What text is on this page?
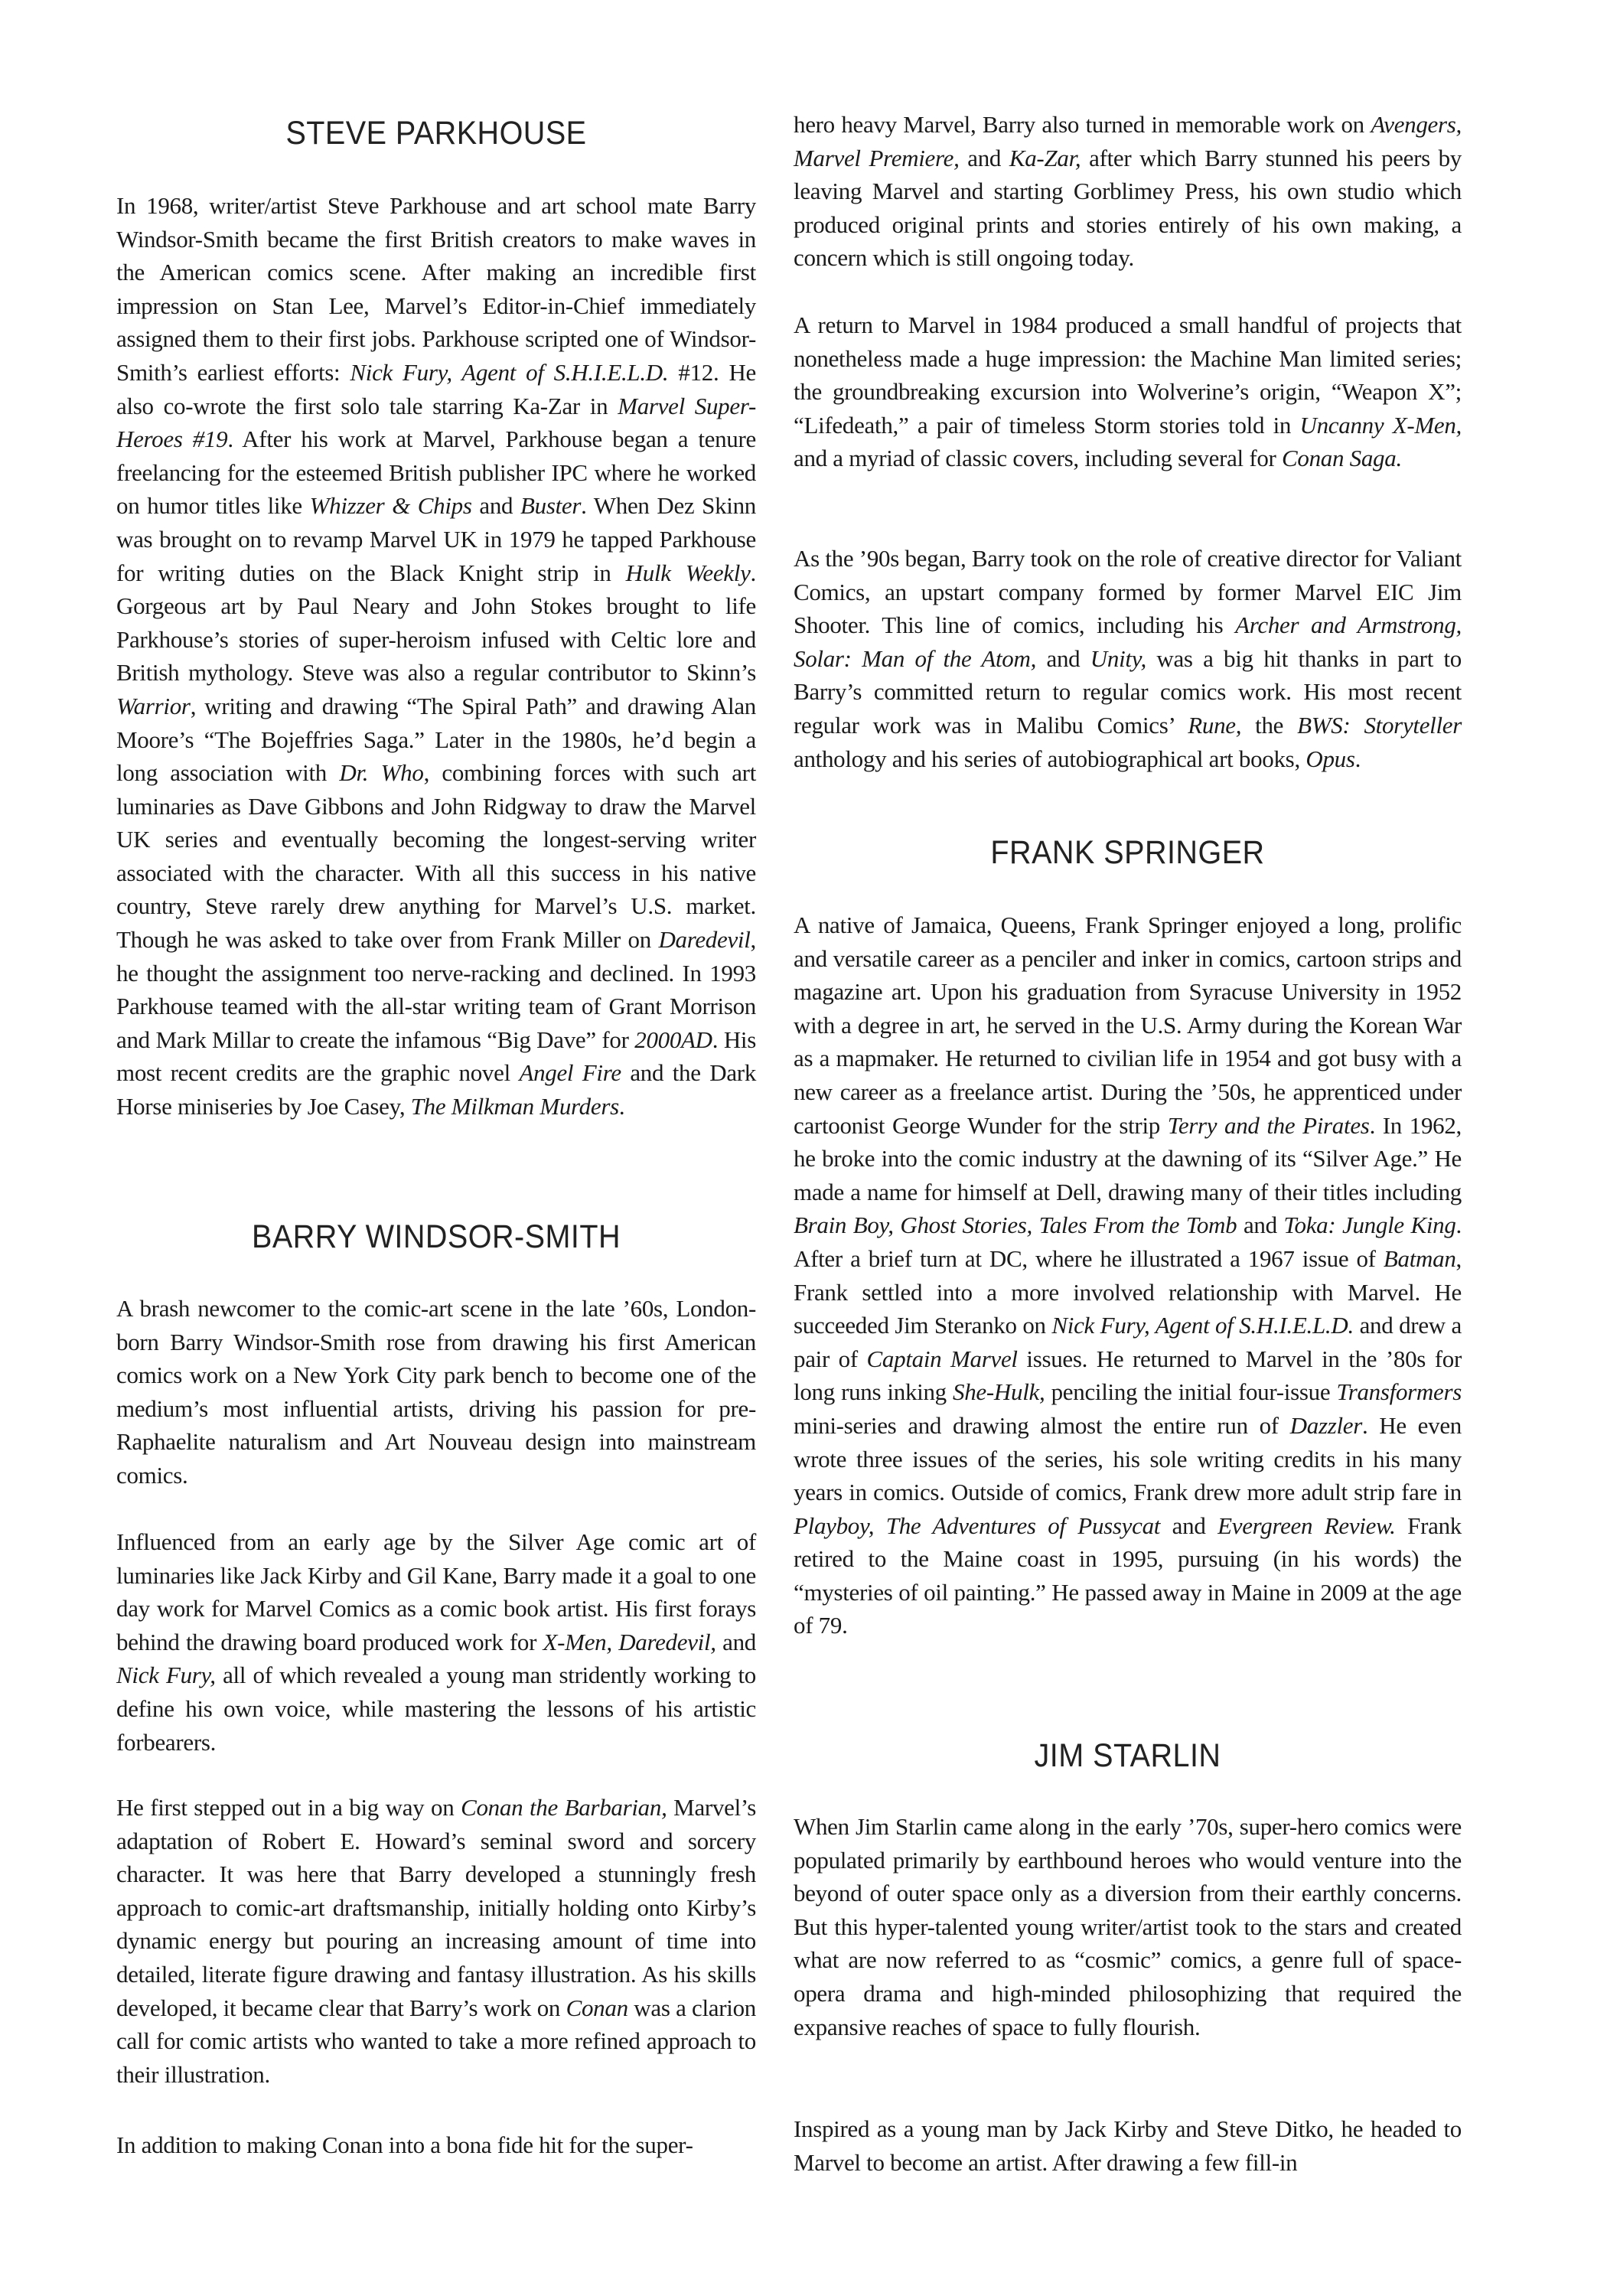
STEVE PARKHOUSE

In 1968, writer/artist Steve Parkhouse and art school mate Barry Windsor-Smith became the first British creators to make waves in the American comics scene. After making an incredible first impression on Stan Lee, Marvel’s Editor-in-Chief immediately assigned them to their first jobs. Parkhouse scripted one of Windsor-Smith’s earliest efforts: Nick Fury, Agent of S.H.I.E.L.D. #12. He also co-wrote the first solo tale starring Ka-Zar in Marvel Super-Heroes #19. After his work at Marvel, Parkhouse began a tenure freelancing for the esteemed British publisher IPC where he worked on humor titles like Whizzer & Chips and Buster. When Dez Skinn was brought on to revamp Marvel UK in 1979 he tapped Parkhouse for writing duties on the Black Knight strip in Hulk Weekly. Gorgeous art by Paul Neary and John Stokes brought to life Parkhouse’s stories of super-heroism infused with Celtic lore and British mythology. Steve was also a regular contributor to Skinn’s Warrior, writing and drawing “The Spiral Path” and drawing Alan Moore’s “The Bojeffries Saga.” Later in the 1980s, he’d begin a long association with Dr. Who, combining forces with such art luminaries as Dave Gibbons and John Ridgway to draw the Marvel UK series and eventually becoming the longest-serving writer associated with the character. With all this success in his native country, Steve rarely drew anything for Marvel’s U.S. market. Though he was asked to take over from Frank Miller on Daredevil, he thought the assignment too nerve-racking and declined. In 1993 Parkhouse teamed with the all-star writing team of Grant Morrison and Mark Millar to create the infamous “Big Dave” for 2000AD. His most recent credits are the graphic novel Angel Fire and the Dark Horse miniseries by Joe Casey, The Milkman Murders.

BARRY WINDSOR-SMITH

A brash newcomer to the comic-art scene in the late ’60s, London-born Barry Windsor-Smith rose from drawing his first American comics work on a New York City park bench to become one of the medium’s most influential artists, driving his passion for pre-Raphaelite naturalism and Art Nouveau design into mainstream comics.

Influenced from an early age by the Silver Age comic art of luminaries like Jack Kirby and Gil Kane, Barry made it a goal to one day work for Marvel Comics as a comic book artist. His first forays behind the drawing board produced work for X-Men, Daredevil, and Nick Fury, all of which revealed a young man stridently working to define his own voice, while mastering the lessons of his artistic forbearers.

He first stepped out in a big way on Conan the Barbarian, Marvel’s adaptation of Robert E. Howard’s seminal sword and sorcery character. It was here that Barry developed a stunningly fresh approach to comic-art draftsmanship, initially holding onto Kirby’s dynamic energy but pouring an increasing amount of time into detailed, literate figure drawing and fantasy illustration. As his skills developed, it became clear that Barry’s work on Conan was a clarion call for comic artists who wanted to take a more refined approach to their illustration.

In addition to making Conan into a bona fide hit for the super-

hero heavy Marvel, Barry also turned in memorable work on Avengers, Marvel Premiere, and Ka-Zar, after which Barry stunned his peers by leaving Marvel and starting Gorblimey Press, his own studio which produced original prints and stories entirely of his own making, a concern which is still ongoing today.

A return to Marvel in 1984 produced a small handful of projects that nonetheless made a huge impression: the Machine Man limited series; the groundbreaking excursion into Wolverine’s origin, “Weapon X”; “Lifedeath,” a pair of timeless Storm stories told in Uncanny X-Men, and a myriad of classic covers, including several for Conan Saga.

As the ’90s began, Barry took on the role of creative director for Valiant Comics, an upstart company formed by former Marvel EIC Jim Shooter. This line of comics, including his Archer and Armstrong, Solar: Man of the Atom, and Unity, was a big hit thanks in part to Barry’s committed return to regular comics work. His most recent regular work was in Malibu Comics’ Rune, the BWS: Storyteller anthology and his series of autobiographical art books, Opus.

FRANK SPRINGER

A native of Jamaica, Queens, Frank Springer enjoyed a long, prolific and versatile career as a penciler and inker in comics, cartoon strips and magazine art. Upon his graduation from Syracuse University in 1952 with a degree in art, he served in the U.S. Army during the Korean War as a mapmaker. He returned to civilian life in 1954 and got busy with a new career as a freelance artist. During the ’50s, he apprenticed under cartoonist George Wunder for the strip Terry and the Pirates. In 1962, he broke into the comic industry at the dawning of its “Silver Age.” He made a name for himself at Dell, drawing many of their titles including Brain Boy, Ghost Stories, Tales From the Tomb and Toka: Jungle King. After a brief turn at DC, where he illustrated a 1967 issue of Batman, Frank settled into a more involved relationship with Marvel. He succeeded Jim Steranko on Nick Fury, Agent of S.H.I.E.L.D. and drew a pair of Captain Marvel issues. He returned to Marvel in the ’80s for long runs inking She-Hulk, penciling the initial four-issue Transformers mini-series and drawing almost the entire run of Dazzler. He even wrote three issues of the series, his sole writing credits in his many years in comics. Outside of comics, Frank drew more adult strip fare in Playboy, The Adventures of Pussycat and Evergreen Review. Frank retired to the Maine coast in 1995, pursuing (in his words) the “mysteries of oil painting.” He passed away in Maine in 2009 at the age of 79.

JIM STARLIN

When Jim Starlin came along in the early ’70s, super-hero comics were populated primarily by earthbound heroes who would venture into the beyond of outer space only as a diversion from their earthly concerns. But this hyper-talented young writer/artist took to the stars and created what are now referred to as “cosmic” comics, a genre full of space-opera drama and high-minded philosophizing that required the expansive reaches of space to fully flourish.

Inspired as a young man by Jack Kirby and Steve Ditko, he headed to Marvel to become an artist. After drawing a few fill-in
